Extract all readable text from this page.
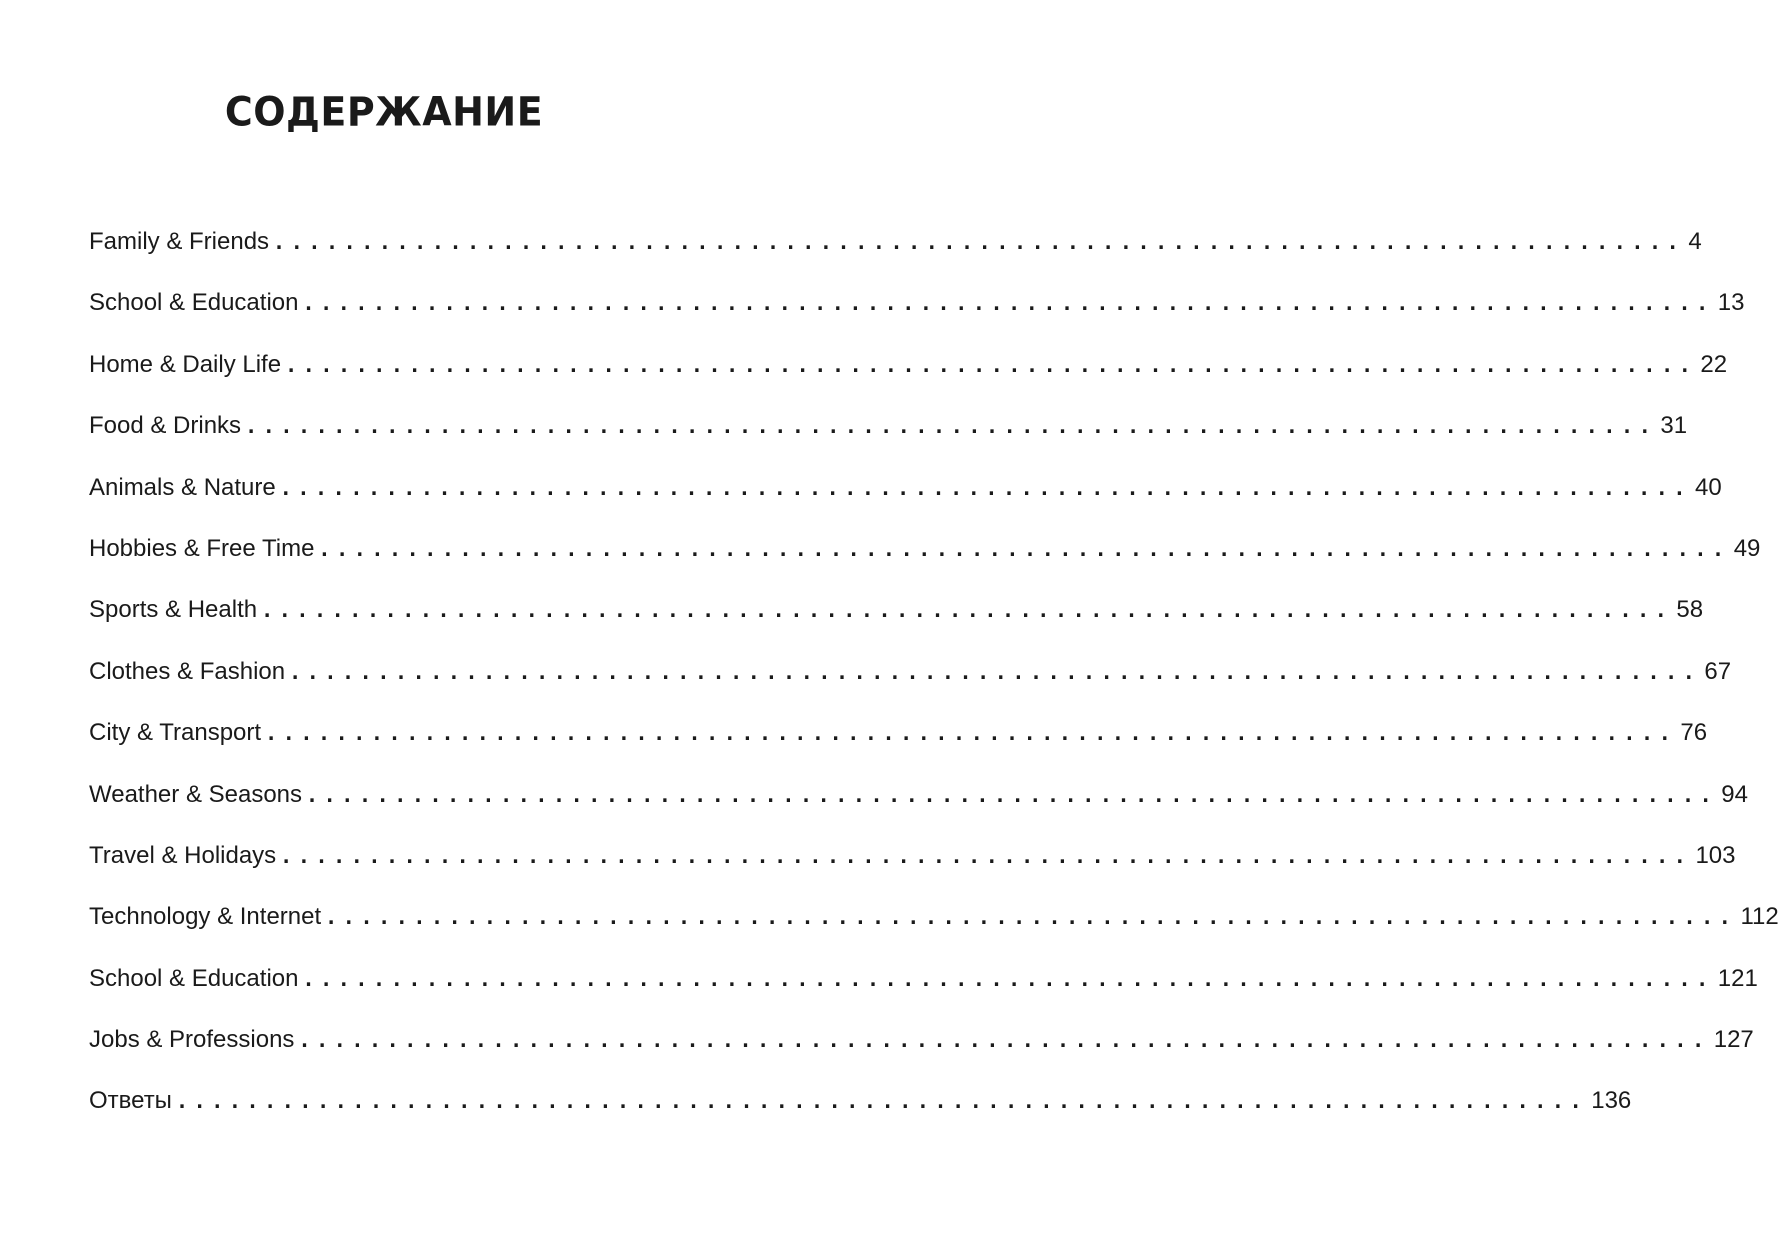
СОДЕРЖАНИЕ
Family & Friends ................................................................................ 4
School & Education ................................................................................ 13
Home & Daily Life ................................................................................ 22
Food & Drinks ................................................................................ 31
Animals & Nature ................................................................................ 40
Hobbies & Free Time ................................................................................ 49
Sports & Health ................................................................................ 58
Clothes & Fashion ................................................................................ 67
City & Transport ................................................................................ 76
Weather & Seasons ................................................................................ 94
Travel & Holidays ................................................................................ 103
Technology & Internet ................................................................................ 112
School & Education ................................................................................ 121
Jobs & Professions ................................................................................ 127
Ответы ................................................................................ 136
